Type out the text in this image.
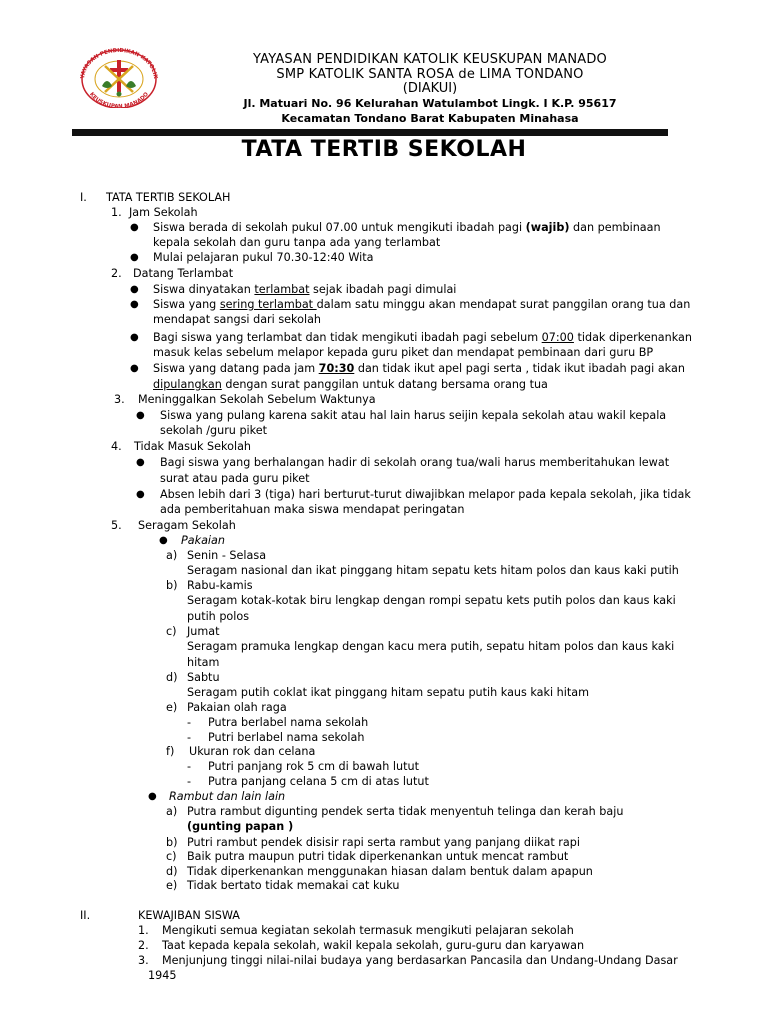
YAYASAN PENDIDIKAN KATOLIK
KEUSKUPAN MANADO
YAYASAN PENDIDIKAN KATOLIK KEUSKUPAN MANADO
SMP KATOLIK SANTA ROSA de LIMA TONDANO
(DIAKUI)
Jl. Matuari No. 96 Kelurahan Watulambot Lingk. I K.P. 95617
Kecamatan Tondano Barat Kabupaten Minahasa
TATA TERTIB SEKOLAH
I. TATA TERTIB SEKOLAH
1. Jam Sekolah
● Siswa berada di sekolah pukul 07.00 untuk mengikuti ibadah pagi (wajib) dan pembinaan
kepala sekolah dan guru tanpa ada yang terlambat
● Mulai pelajaran pukul 70.30-12:40 Wita
2. Datang Terlambat
● Siswa dinyatakan terlambat sejak ibadah pagi dimulai
● Siswa yang sering terlambat dalam satu minggu akan mendapat surat panggilan orang tua dan
mendapat sangsi dari sekolah
● Bagi siswa yang terlambat dan tidak mengikuti ibadah pagi sebelum 07:00 tidak diperkenankan
masuk kelas sebelum melapor kepada guru piket dan mendapat pembinaan dari guru BP
● Siswa yang datang pada jam 70:30 dan tidak ikut apel pagi serta , tidak ikut ibadah pagi akan
dipulangkan dengan surat panggilan untuk datang bersama orang tua
3. Meninggalkan Sekolah Sebelum Waktunya
● Siswa yang pulang karena sakit atau hal lain harus seijin kepala sekolah atau wakil kepala
sekolah /guru piket
4. Tidak Masuk Sekolah
● Bagi siswa yang berhalangan hadir di sekolah orang tua/wali harus memberitahukan lewat
surat atau pada guru piket
● Absen lebih dari 3 (tiga) hari berturut-turut diwajibkan melapor pada kepala sekolah, jika tidak
ada pemberitahuan maka siswa mendapat peringatan
5. Seragam Sekolah
● Pakaian
a) Senin - Selasa
Seragam nasional dan ikat pinggang hitam sepatu kets hitam polos dan kaus kaki putih
b) Rabu-kamis
Seragam kotak-kotak biru lengkap dengan rompi sepatu kets putih polos dan kaus kaki
putih polos
c) Jumat
Seragam pramuka lengkap dengan kacu mera putih, sepatu hitam polos dan kaus kaki
hitam
d) Sabtu
Seragam putih coklat ikat pinggang hitam sepatu putih kaus kaki hitam
e) Pakaian olah raga
- Putra berlabel nama sekolah
- Putri berlabel nama sekolah
f) Ukuran rok dan celana
- Putri panjang rok 5 cm di bawah lutut
- Putra panjang celana 5 cm di atas lutut
● Rambut dan lain lain
a) Putra rambut digunting pendek serta tidak menyentuh telinga dan kerah baju
(gunting papan )
b) Putri rambut pendek disisir rapi serta rambut yang panjang diikat rapi
c) Baik putra maupun putri tidak diperkenankan untuk mencat rambut
d) Tidak diperkenankan menggunakan hiasan dalam bentuk dalam apapun
e) Tidak bertato tidak memakai cat kuku
II.	KEWAJIBAN SISWA
1. Mengikuti semua kegiatan sekolah termasuk mengikuti pelajaran sekolah
2. Taat kepada kepala sekolah, wakil kepala sekolah, guru-guru dan karyawan
3. Menjunjung tinggi nilai-nilai budaya yang berdasarkan Pancasila dan Undang-Undang Dasar
1945
